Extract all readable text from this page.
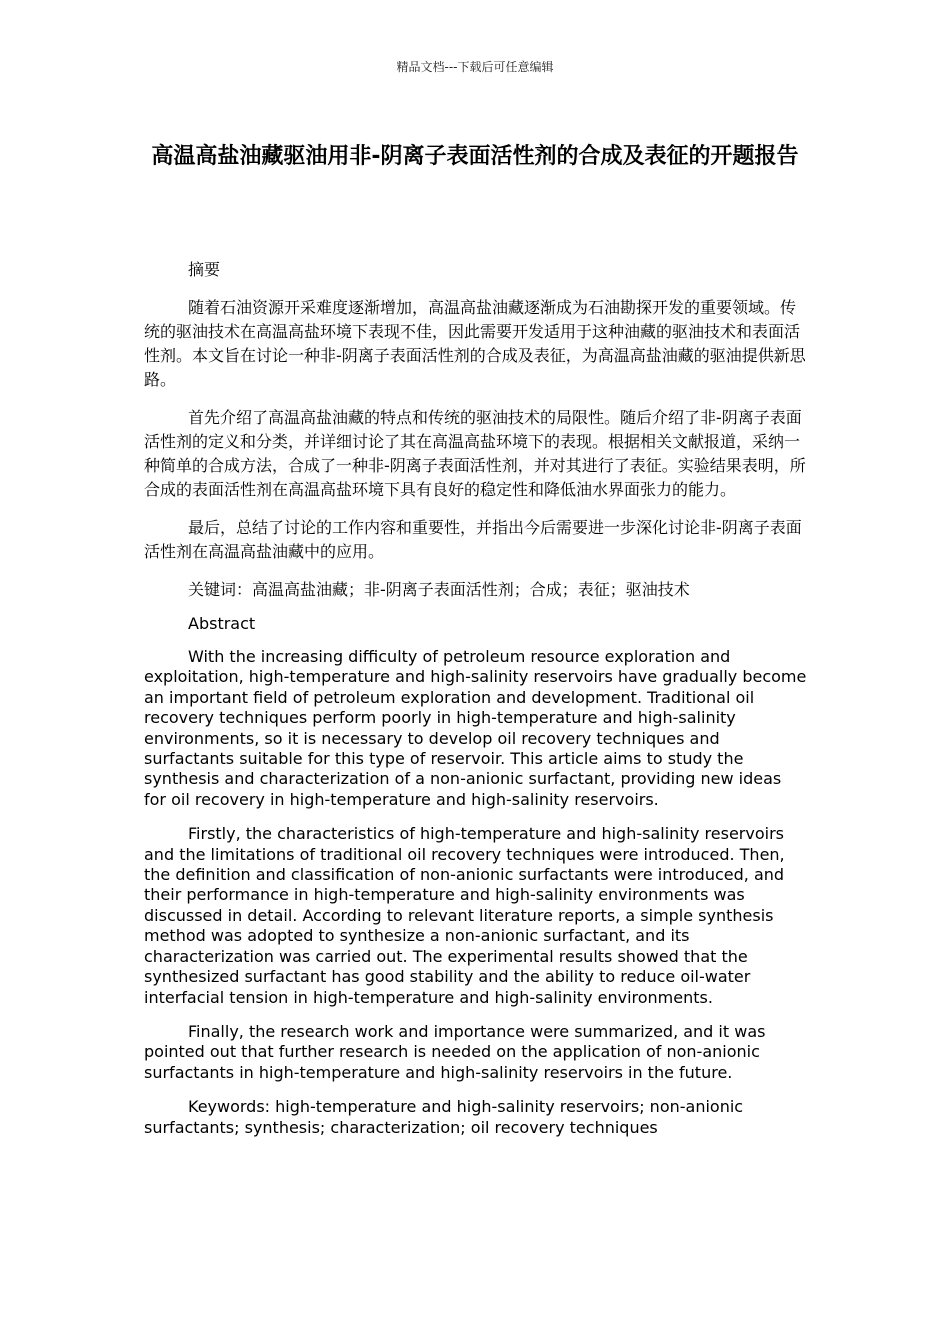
精品文档---下载后可任意编辑
高温高盐油藏驱油用非-阴离子表面活性剂的合成及表征的开题报告

摘要

随着石油资源开采难度逐渐增加，高温高盐油藏逐渐成为石油勘探开发的重要领域。传统的驱油技术在高温高盐环境下表现不佳，因此需要开发适用于这种油藏的驱油技术和表面活性剂。本文旨在讨论一种非-阴离子表面活性剂的合成及表征，为高温高盐油藏的驱油提供新思路。

首先介绍了高温高盐油藏的特点和传统的驱油技术的局限性。随后介绍了非-阴离子表面活性剂的定义和分类，并详细讨论了其在高温高盐环境下的表现。根据相关文献报道，采纳一种简单的合成方法，合成了一种非-阴离子表面活性剂，并对其进行了表征。实验结果表明，所合成的表面活性剂在高温高盐环境下具有良好的稳定性和降低油水界面张力的能力。

最后，总结了讨论的工作内容和重要性，并指出今后需要进一步深化讨论非-阴离子表面活性剂在高温高盐油藏中的应用。

关键词：高温高盐油藏；非-阴离子表面活性剂；合成；表征；驱油技术

Abstract

With the increasing difficulty of petroleum resource exploration and exploitation, high-temperature and high-salinity reservoirs have gradually become an important field of petroleum exploration and development. Traditional oil recovery techniques perform poorly in high-temperature and high-salinity environments, so it is necessary to develop oil recovery techniques and surfactants suitable for this type of reservoir. This article aims to study the synthesis and characterization of a non-anionic surfactant, providing new ideas for oil recovery in high-temperature and high-salinity reservoirs.

Firstly, the characteristics of high-temperature and high-salinity reservoirs and the limitations of traditional oil recovery techniques were introduced. Then, the definition and classification of non-anionic surfactants were introduced, and their performance in high-temperature and high-salinity environments was discussed in detail. According to relevant literature reports, a simple synthesis method was adopted to synthesize a non-anionic surfactant, and its characterization was carried out. The experimental results showed that the synthesized surfactant has good stability and the ability to reduce oil-water interfacial tension in high-temperature and high-salinity environments.

Finally, the research work and importance were summarized, and it was pointed out that further research is needed on the application of non-anionic surfactants in high-temperature and high-salinity reservoirs in the future.

Keywords: high-temperature and high-salinity reservoirs; non-anionic surfactants; synthesis; characterization; oil recovery techniques
